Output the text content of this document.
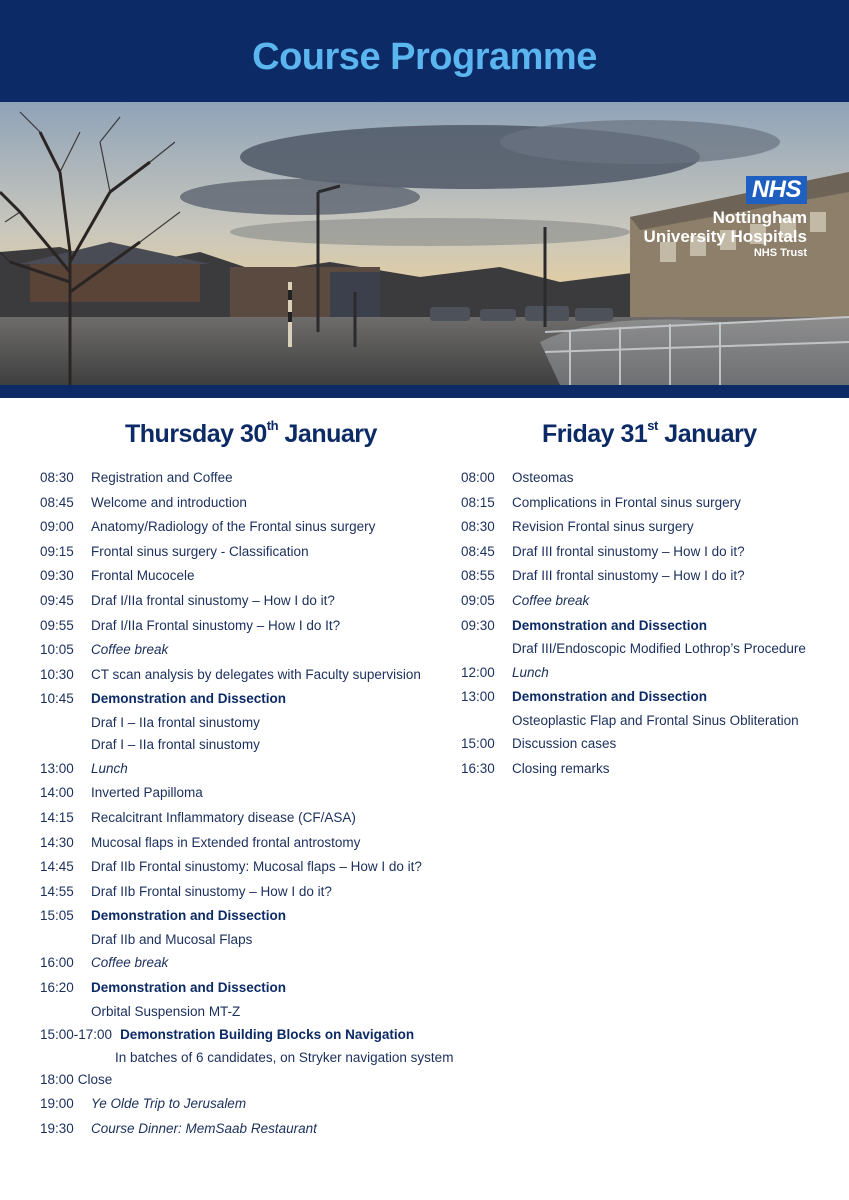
Course Programme
NHS
Nottingham
University Hospitals
NHS Trust
Thursday 30th January	Friday 31st January
08:30 Registration and Coffee
08:45 Welcome and introduction
09:00 Anatomy/Radiology of the Frontal sinus surgery
09:15 Frontal sinus surgery - Classification
09:30 Frontal Mucocele
09:45 Draf I/IIa frontal sinustomy – How I do it?
09:55 Draf I/IIa Frontal sinustomy – How I do It?
10:05 Coffee break
10:30 CT scan analysis by delegates with Faculty supervision
10:45 Demonstration and Dissection
Draf I – IIa frontal sinustomy
Draf I – IIa frontal sinustomy
13:00 Lunch
14:00 Inverted Papilloma
14:15 Recalcitrant Inflammatory disease (CF/ASA)
14:30 Mucosal flaps in Extended frontal antrostomy
14:45 Draf IIb Frontal sinustomy: Mucosal flaps – How I do it?
14:55 Draf IIb Frontal sinustomy – How I do it?
15:05 Demonstration and Dissection
Draf IIb and Mucosal Flaps
16:00 Coffee break
16:20 Demonstration and Dissection
Orbital Suspension MT-Z
15:00-17:00 Demonstration Building Blocks on Navigation
In batches of 6 candidates, on Stryker navigation system
18:00 Close
19:00 Ye Olde Trip to Jerusalem
19:30 Course Dinner: MemSaab Restaurant
08:00 Osteomas
08:15 Complications in Frontal sinus surgery
08:30 Revision Frontal sinus surgery
08:45 Draf III frontal sinustomy – How I do it?
08:55 Draf III frontal sinustomy – How I do it?
09:05 Coffee break
09:30 Demonstration and Dissection
Draf III/Endoscopic Modified Lothrop’s Procedure
12:00 Lunch
13:00 Demonstration and Dissection
Osteoplastic Flap and Frontal Sinus Obliteration
15:00 Discussion cases
16:30 Closing remarks
